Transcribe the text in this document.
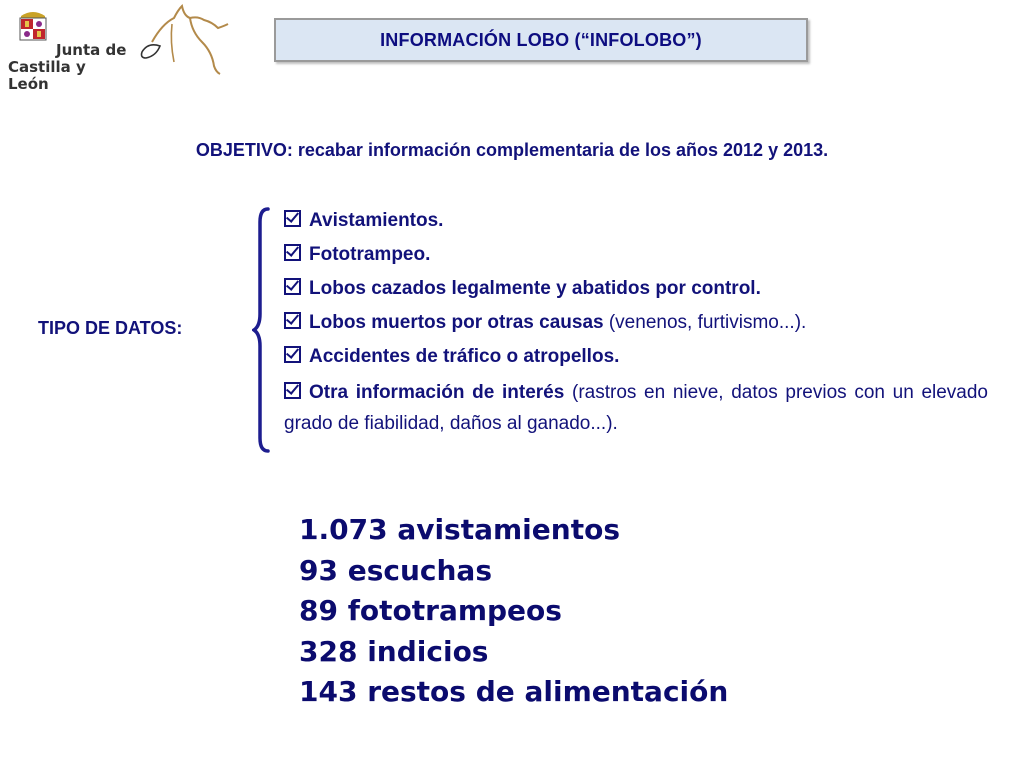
Junta de
Castilla y León
INFORMACIÓN LOBO (“INFOLOBO”)
OBJETIVO: recabar información complementaria de los años 2012 y 2013.
TIPO DE DATOS:
Avistamientos.
Fototrampeo.
Lobos cazados legalmente y abatidos por control.
Lobos muertos por otras causas (venenos, furtivismo...).
Accidentes de tráfico o atropellos.
Otra información de interés (rastros en nieve, datos previos con un elevado grado de fiabilidad, daños al ganado...).
1.073 avistamientos
93 escuchas
89 fototrampeos
328 indicios
143 restos de alimentación
